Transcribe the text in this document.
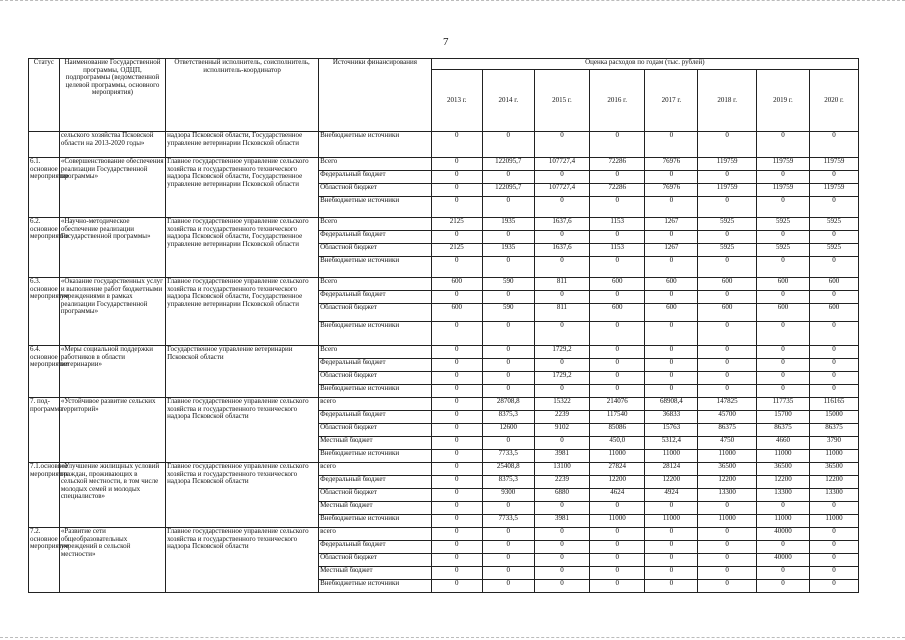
7
Статус	Наименование Государственной программы, ОДЦП, подпрограммы (ведомственной целевой программы, основного мероприятия)	Ответственный исполнитель, соисполнитель, исполнитель-координатор	Источники финансирования	Оценка расходов по годам (тыс. рублей)							
				2013 г.	2014 г.	2015 г.	2016 г.	2017 г.	2018 г.	2019 г.	2020 г.
	сельского хозяйства Псковской области на 2013-2020 годы»	надзора Псковской области, Государственное управление ветеринарии Псковской области	Внебюджетные источники	0	0	0	0	0	0	0	0
6.1. основное мероприятие	«Совершенствование обеспечения реализации Государственной программы»	Главное государственное управление сельского хозяйства и государственного технического надзора Псковской области, Государственное управление ветеринарии Псковской области	Всего	0	122095,7	107727,4	72286	76976	119759	119759	119759
			Федеральный бюджет	0	0	0	0	0	0	0	0
			Областной бюджет	0	122095,7	107727,4	72286	76976	119759	119759	119759
			Внебюджетные источники	0	0	0	0	0	0	0	0
6.2. основное мероприятие	«Научно-методическое обеспечение реализации Государственной программы»	Главное государственное управление сельского хозяйства и государственного технического надзора Псковской области, Государственное управление ветеринарии Псковской области	Всего	2125	1935	1637,6	1153	1267	5925	5925	5925
			Федеральный бюджет	0	0	0	0	0	0	0	0
			Областной бюджет	2125	1935	1637,6	1153	1267	5925	5925	5925
			Внебюджетные источники	0	0	0	0	0	0	0	0
6.3. основное мероприятие	«Оказание государственных услуг и выполнение работ бюджетными учреждениями в рамках реализации Государственной программы»	Главное государственное управление сельского хозяйства и государственного технического надзора Псковской области, Государственное управление ветеринарии Псковской области	Всего	600	590	811	600	600	600	600	600
			Федеральный бюджет	0	0	0	0	0	0	0	0
			Областной бюджет	600	590	811	600	600	600	600	600
			Внебюджетные источники	0	0	0	0	0	0	0	0
6.4. основное мероприятие	«Меры социальной поддержки работников в области ветеринарии»	Государственное управление ветеринарии Псковской области	Всего	0	0	1729,2	0	0	0	0	0
			Федеральный бюджет	0	0	0	0	0	0	0	0
			Областной бюджет	0	0	1729,2	0	0	0	0	0
			Внебюджетные источники	0	0	0	0	0	0	0	0
7. под-программа	«Устойчивое развитие сельских территорий»	Главное государственное управление сельского хозяйства и государственного технического надзора Псковской области	всего	0	28708,8	15322	214076	68908,4	147825	117735	116165
			Федеральный бюджет	0	8375,3	2239	117540	36833	45700	15700	15000
			Областной бюджет	0	12600	9102	85086	15763	86375	86375	86375
			Местный бюджет	0	0	0	450,0	5312,4	4750	4660	3790
			Внебюджетные источники	0	7733,5	3981	11000	11000	11000	11000	11000
7.1.основное мероприятие	«Улучшение жилищных условий граждан, проживающих в сельской местности, в том числе молодых семей и молодых специалистов»	Главное государственное управление сельского хозяйства и государственного технического надзора Псковской области	всего	0	25408,8	13100	27824	28124	36500	36500	36500
			Федеральный бюджет	0	8375,3	2239	12200	12200	12200	12200	12200
			Областной бюджет	0	9300	6880	4624	4924	13300	13300	13300
			Местный бюджет	0	0	0	0	0	0	0	0
			Внебюджетные источники	0	7733,5	3981	11000	11000	11000	11000	11000
7.2. основное мероприятие	«Развитие сети общеобразовательных учреждений в сельской местности»	Главное государственное управление сельского хозяйства и государственного технического надзора Псковской области	всего	0	0	0	0	0	0	40000	0
			Федеральный бюджет	0	0	0	0	0	0	0	0
			Областной бюджет	0	0	0	0	0	0	40000	0
			Местный бюджет	0	0	0	0	0	0	0	0
			Внебюджетные источники	0	0	0	0	0	0	0	0
